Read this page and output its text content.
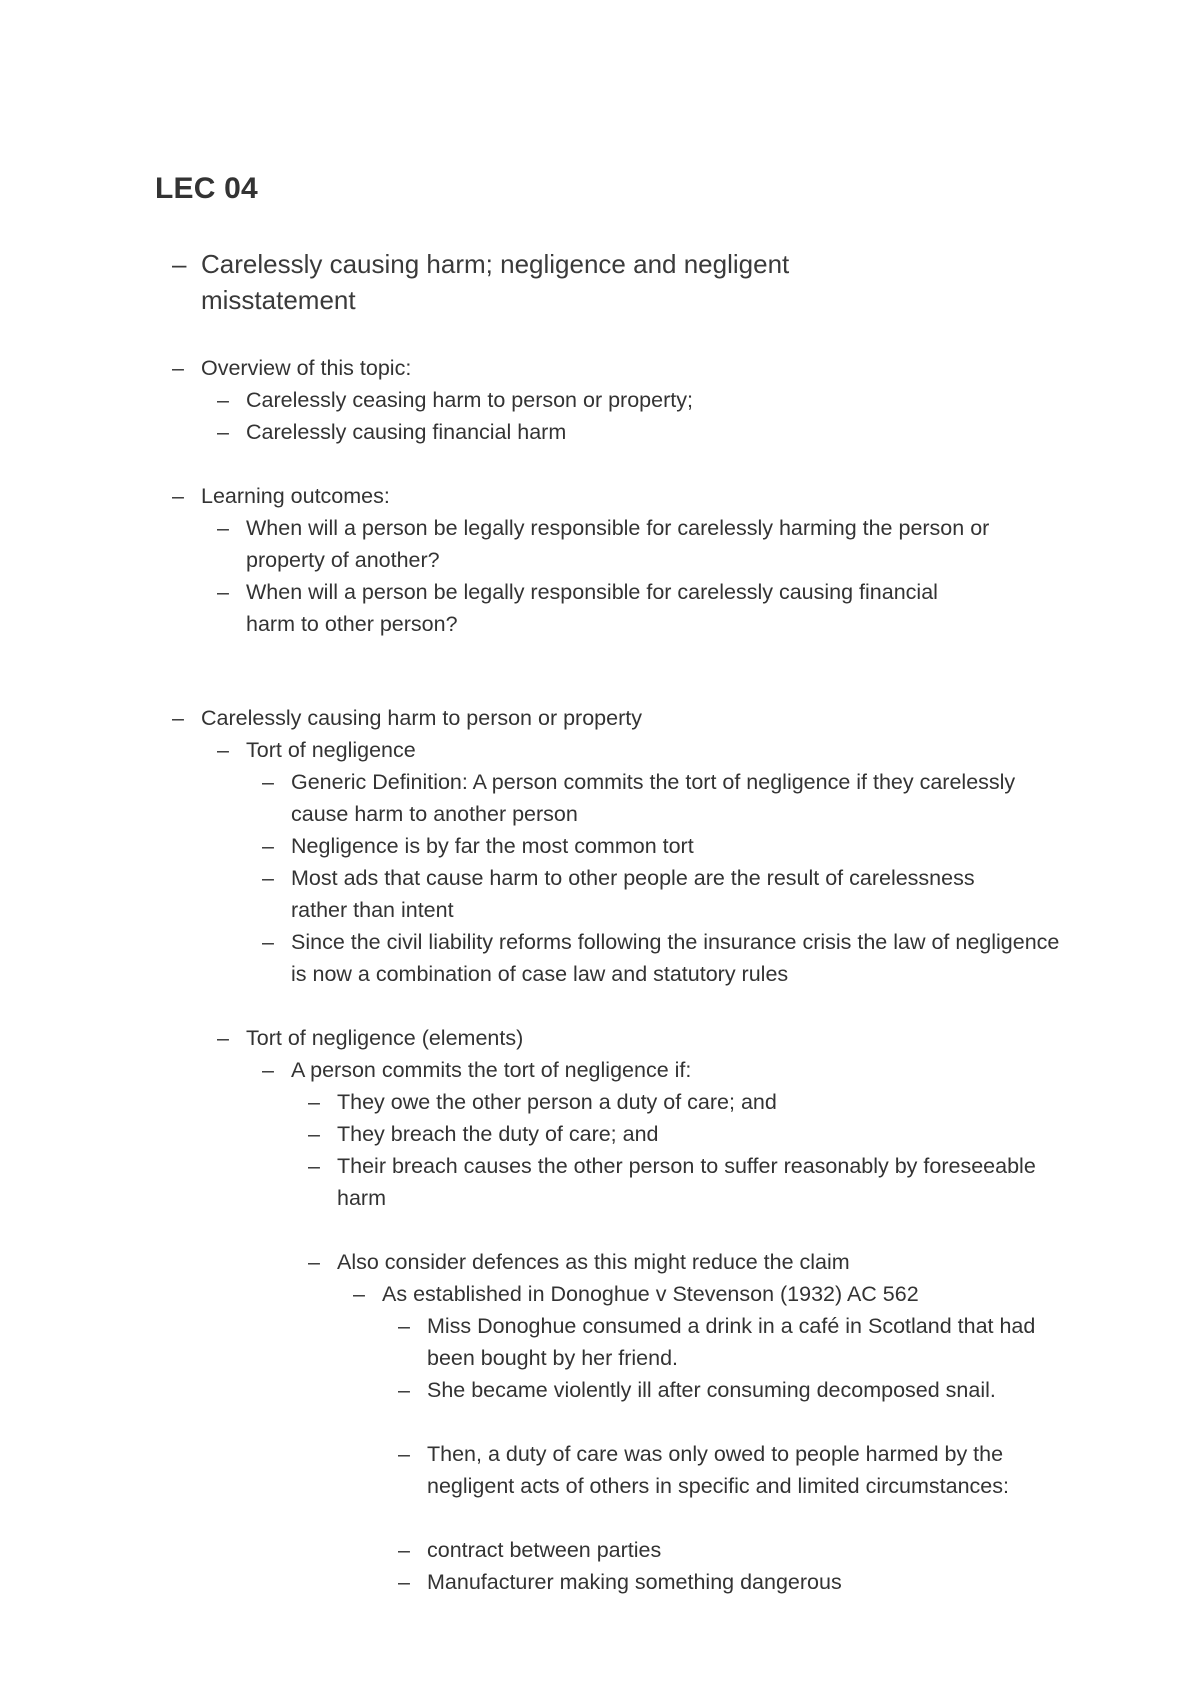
LEC 04
– Carelessly causing harm; negligence and negligent misstatement
– Overview of this topic:
– Carelessly ceasing harm to person or property;
– Carelessly causing financial harm
– Learning outcomes:
– When will a person be legally responsible for carelessly harming the person or property of another?
– When will a person be legally responsible for carelessly causing financial harm to other person?
– Carelessly causing harm to person or property
– Tort of negligence
– Generic Definition: A person commits the tort of negligence if they carelessly cause harm to another person
– Negligence is by far the most common tort
– Most ads that cause harm to other people are the result of carelessness rather than intent
– Since the civil liability reforms following the insurance crisis the law of negligence is now a combination of case law and statutory rules
– Tort of negligence (elements)
– A person commits the tort of negligence if:
– They owe the other person a duty of care; and
– They breach the duty of care; and
– Their breach causes the other person to suffer reasonably by foreseeable harm
– Also consider defences as this might reduce the claim
– As established in Donoghue v Stevenson (1932) AC 562
– Miss Donoghue consumed a drink in a café in Scotland that had been bought by her friend.
– She became violently ill after consuming decomposed snail.
– Then, a duty of care was only owed to people harmed by the negligent acts of others in specific and limited circumstances:
– contract between parties
– Manufacturer making something dangerous
